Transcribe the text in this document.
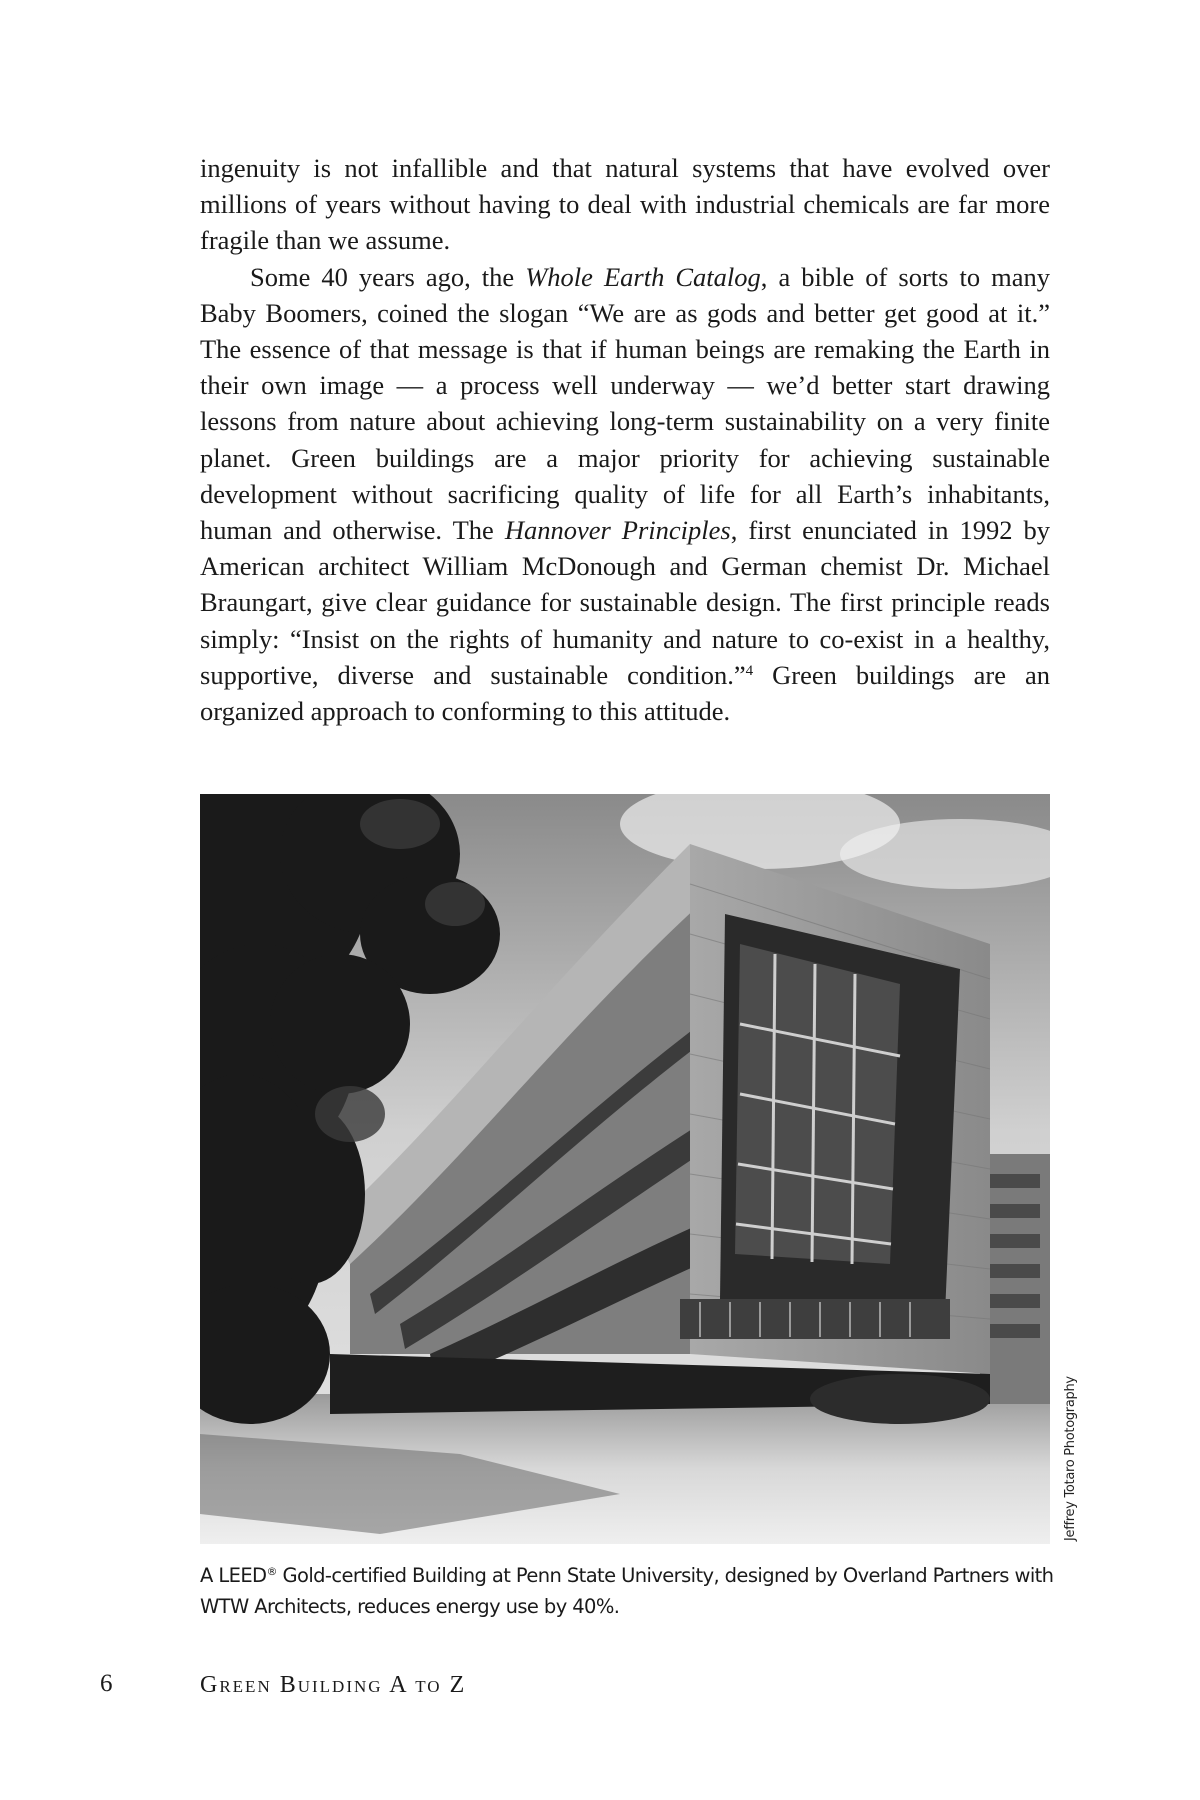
ingenuity is not infallible and that natural systems that have evolved over millions of years without having to deal with industrial chemicals are far more fragile than we assume.

Some 40 years ago, the Whole Earth Catalog, a bible of sorts to many Baby Boomers, coined the slogan “We are as gods and better get good at it.” The essence of that message is that if human beings are remaking the Earth in their own image — a process well underway — we’d better start drawing lessons from nature about achieving long-term sustainability on a very finite planet. Green buildings are a major priority for achieving sustainable development without sacrificing quality of life for all Earth’s inhabitants, human and otherwise. The Hannover Principles, first enunciated in 1992 by American architect William McDonough and German chemist Dr. Michael Braungart, give clear guidance for sustainable design. The first principle reads simply: “Insist on the rights of humanity and nature to co-exist in a healthy, supportive, diverse and sustainable condition.”$^4$ Green buildings are an organized approach to conforming to this attitude.

Jeffrey Totaro Photography
A LEED® Gold-certified Building at Penn State University, designed by Overland Partners with WTW Architects, reduces energy use by 40%.
6	Green Building A to Z
